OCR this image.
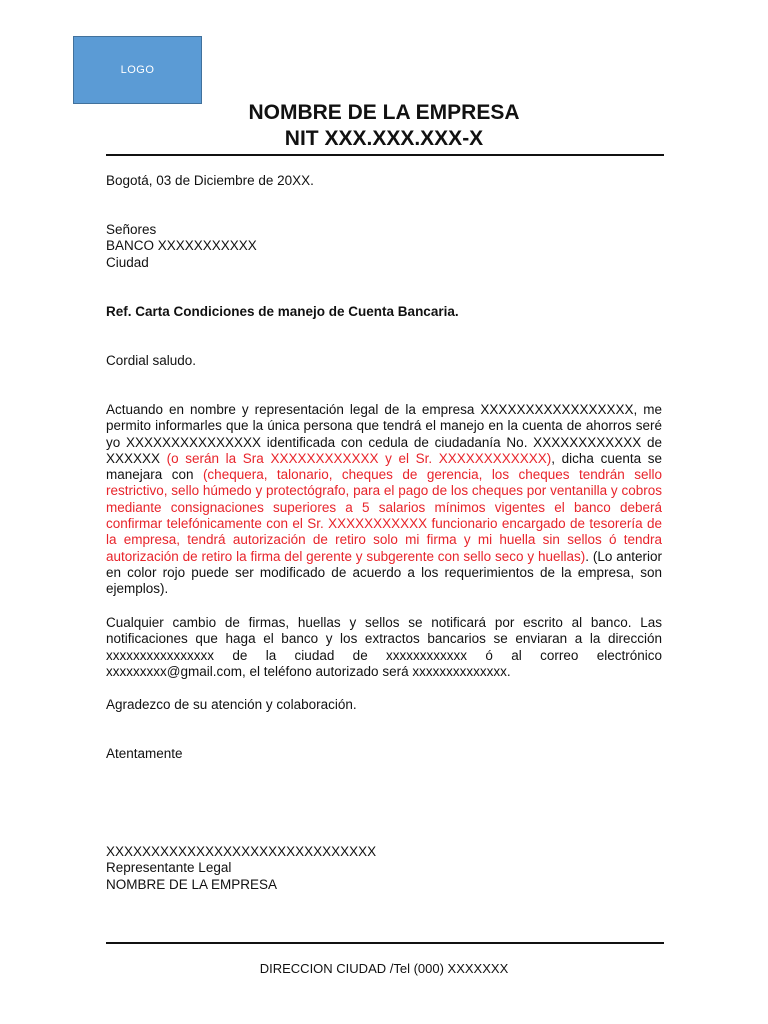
LOGO
NOMBRE DE LA EMPRESA
NIT XXX.XXX.XXX-X
Bogotá, 03 de Diciembre de 20XX.
Señores
BANCO XXXXXXXXXXX
Ciudad
Ref. Carta Condiciones de manejo de Cuenta Bancaria.
Cordial saludo.
Actuando en nombre y representación legal de la empresa XXXXXXXXXXXXXXXXX, me permito informarles que la única persona que tendrá el manejo en la cuenta de ahorros seré yo XXXXXXXXXXXXXXX identificada con cedula de ciudadanía No. XXXXXXXXXXXX de XXXXXX (o serán la Sra XXXXXXXXXXXX y el Sr. XXXXXXXXXXXX), dicha cuenta se manejara con (chequera, talonario, cheques de gerencia, los cheques tendrán sello restrictivo, sello húmedo y protectógrafo, para el pago de los cheques por ventanilla y cobros mediante consignaciones superiores a 5 salarios mínimos vigentes el banco deberá confirmar telefónicamente con el Sr. XXXXXXXXXXX funcionario encargado de tesorería de la empresa, tendrá autorización de retiro solo mi firma y mi huella sin sellos ó tendra autorización de retiro la firma del gerente y subgerente con sello seco y huellas). (Lo anterior en color rojo puede ser modificado de acuerdo a los requerimientos de la empresa, son ejemplos).
Cualquier cambio de firmas, huellas y sellos se notificará por escrito al banco. Las notificaciones que haga el banco y los extractos bancarios se enviaran a la dirección xxxxxxxxxxxxxxxx de la ciudad de xxxxxxxxxxxx ó al correo electrónico xxxxxxxxx@gmail.com, el teléfono autorizado será xxxxxxxxxxxxxx.
Agradezco de su atención y colaboración.
Atentamente
XXXXXXXXXXXXXXXXXXXXXXXXXXXXXX
Representante Legal
NOMBRE DE LA EMPRESA
DIRECCION CIUDAD /Tel (000) XXXXXXX
